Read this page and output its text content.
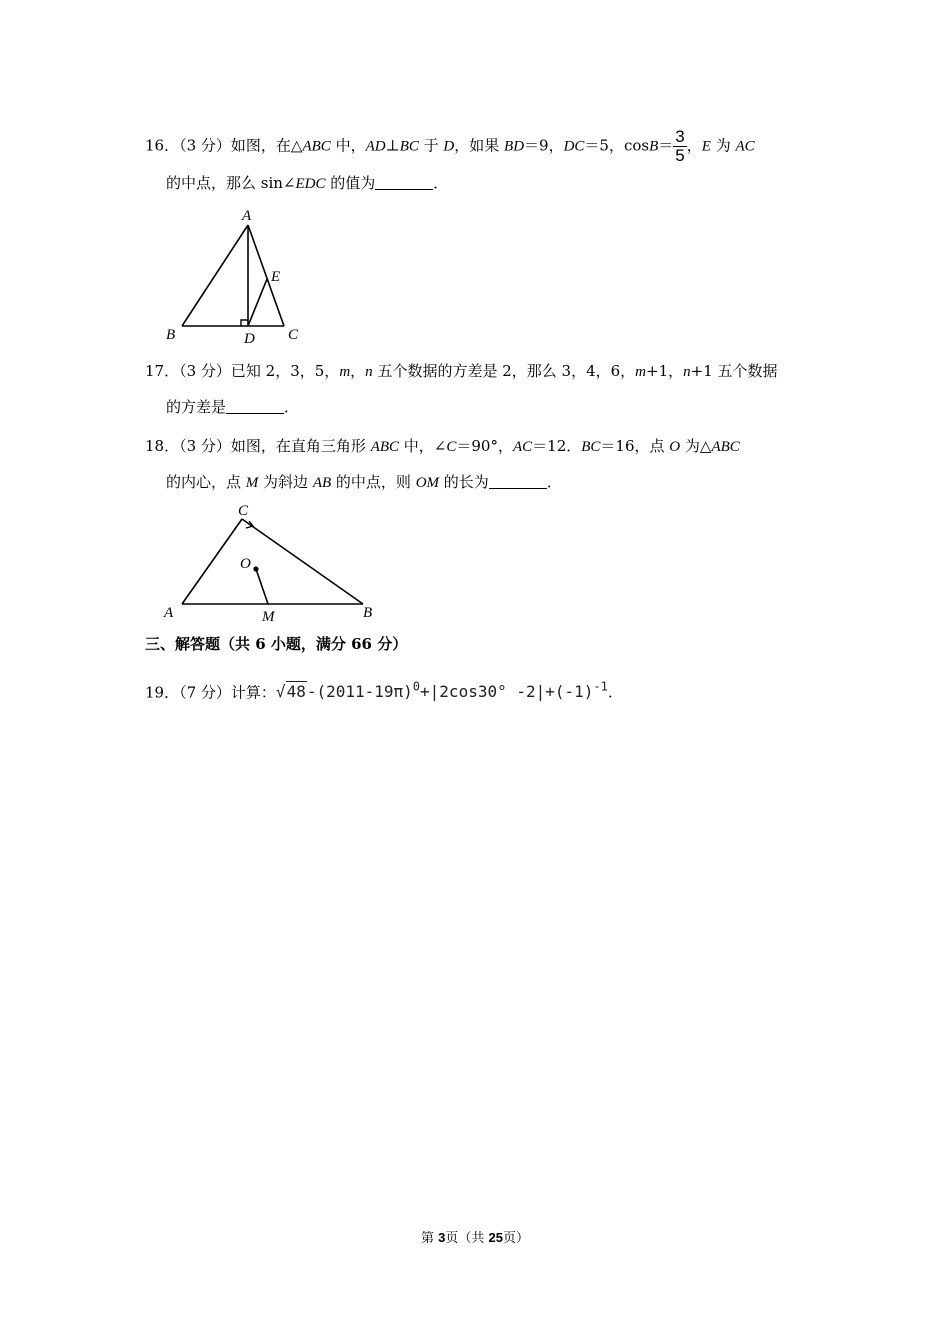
16．（3 分）如图，在△ABC 中，AD⊥BC 于 D，如果 BD＝9，DC＝5，$\cos B= \frac{3}{5}$ ，E 为 AC
的中点，那么 sin∠EDC 的值为	．
A
B	C
D
E
17．（3 分）已知 2，3，5，m，n 五个数据的方差是 2，那么 3，4，6，m+1，n+1 五个数据
的方差是	．
18．（3 分）如图，在直角三角形 ABC 中，∠C＝90°，AC＝12．BC＝16，点 O 为△ABC
的内心，点 M 为斜边 AB 的中点，则 OM 的长为	．
C
A	B
O
M
三、解答题（共 6 小题，满分 66 分）
19．（7 分）计算：$√48-(2011-19\pi)^0+|2\cos 30^\circ$ $-2|+(-1)^{-1}$.
第 3页（共 25页）
